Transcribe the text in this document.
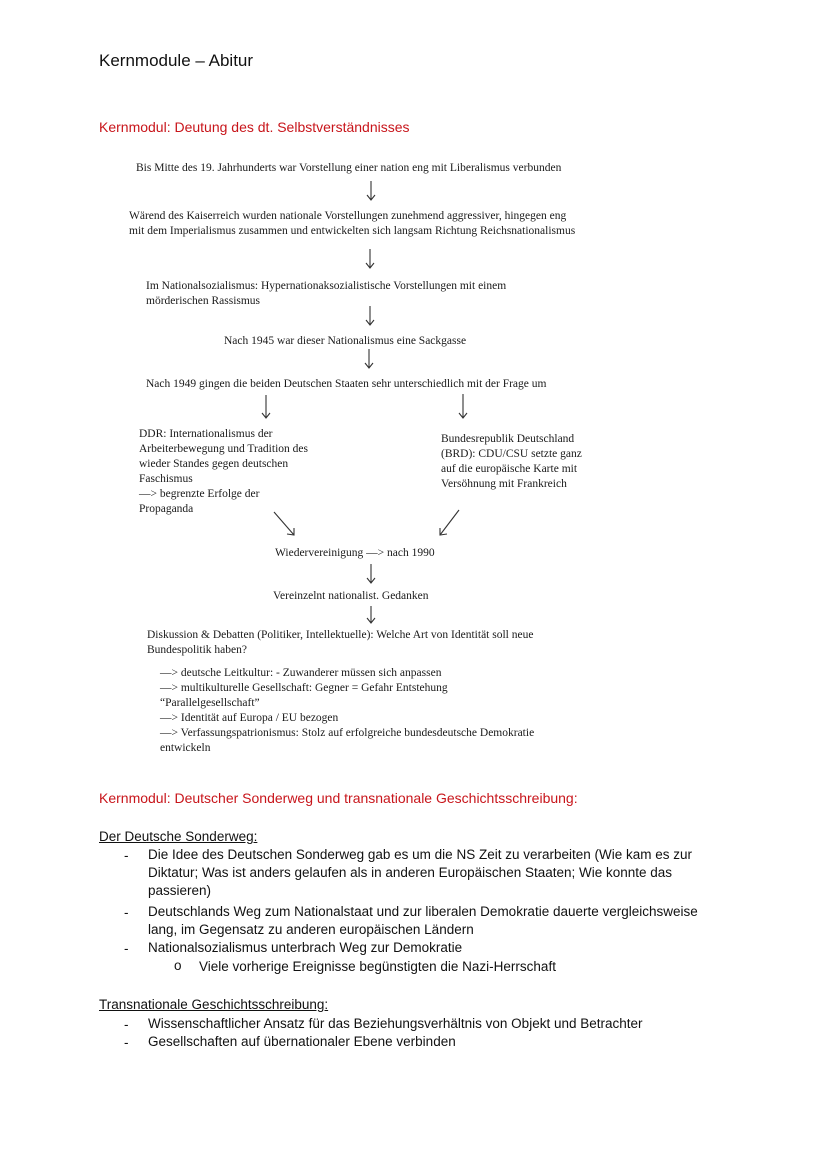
Kernmodule – Abitur
Kernmodul: Deutung des dt. Selbstverständnisses
Bis Mitte des 19. Jahrhunderts war Vorstellung einer nation eng mit Liberalismus verbunden
Wärend des Kaiserreich wurden nationale Vorstellungen zunehmend aggressiver, hingegen eng
mit dem Imperialismus zusammen und entwickelten sich langsam Richtung Reichsnationalismus
Im Nationalsozialismus: Hypernationaksozialistische Vorstellungen mit einem
mörderischen Rassismus
Nach 1945 war dieser Nationalismus eine Sackgasse
Nach 1949 gingen die beiden Deutschen Staaten sehr unterschiedlich mit der Frage um
DDR: Internationalismus der
Arbeiterbewegung und Tradition des
wieder Standes gegen deutschen
Faschismus
—> begrenzte Erfolge der
Propaganda
Bundesrepublik Deutschland
(BRD): CDU/CSU setzte ganz
auf die europäische Karte mit
Versöhnung mit Frankreich
Wiedervereinigung —> nach 1990
Vereinzelnt nationalist. Gedanken
Diskussion & Debatten (Politiker, Intellektuelle): Welche Art von Identität soll neue
Bundespolitik haben?
—> deutsche Leitkultur: - Zuwanderer müssen sich anpassen
—> multikulturelle Gesellschaft: Gegner = Gefahr Entstehung
“Parallelgesellschaft”
—> Identität auf Europa / EU bezogen
—> Verfassungspatrionismus: Stolz auf erfolgreiche bundesdeutsche Demokratie
entwickeln
Kernmodul: Deutscher Sonderweg und transnationale Geschichtsschreibung:
Der Deutsche Sonderweg:
- Die Idee des Deutschen Sonderweg gab es um die NS Zeit zu verarbeiten (Wie kam es zur
Diktatur; Was ist anders gelaufen als in anderen Europäischen Staaten; Wie konnte das
passieren)
- Deutschlands Weg zum Nationalstaat und zur liberalen Demokratie dauerte vergleichsweise
lang, im Gegensatz zu anderen europäischen Ländern
- Nationalsozialismus unterbrach Weg zur Demokratie
o Viele vorherige Ereignisse begünstigten die Nazi-Herrschaft
Transnationale Geschichtsschreibung:
- Wissenschaftlicher Ansatz für das Beziehungsverhältnis von Objekt und Betrachter
- Gesellschaften auf übernationaler Ebene verbinden
